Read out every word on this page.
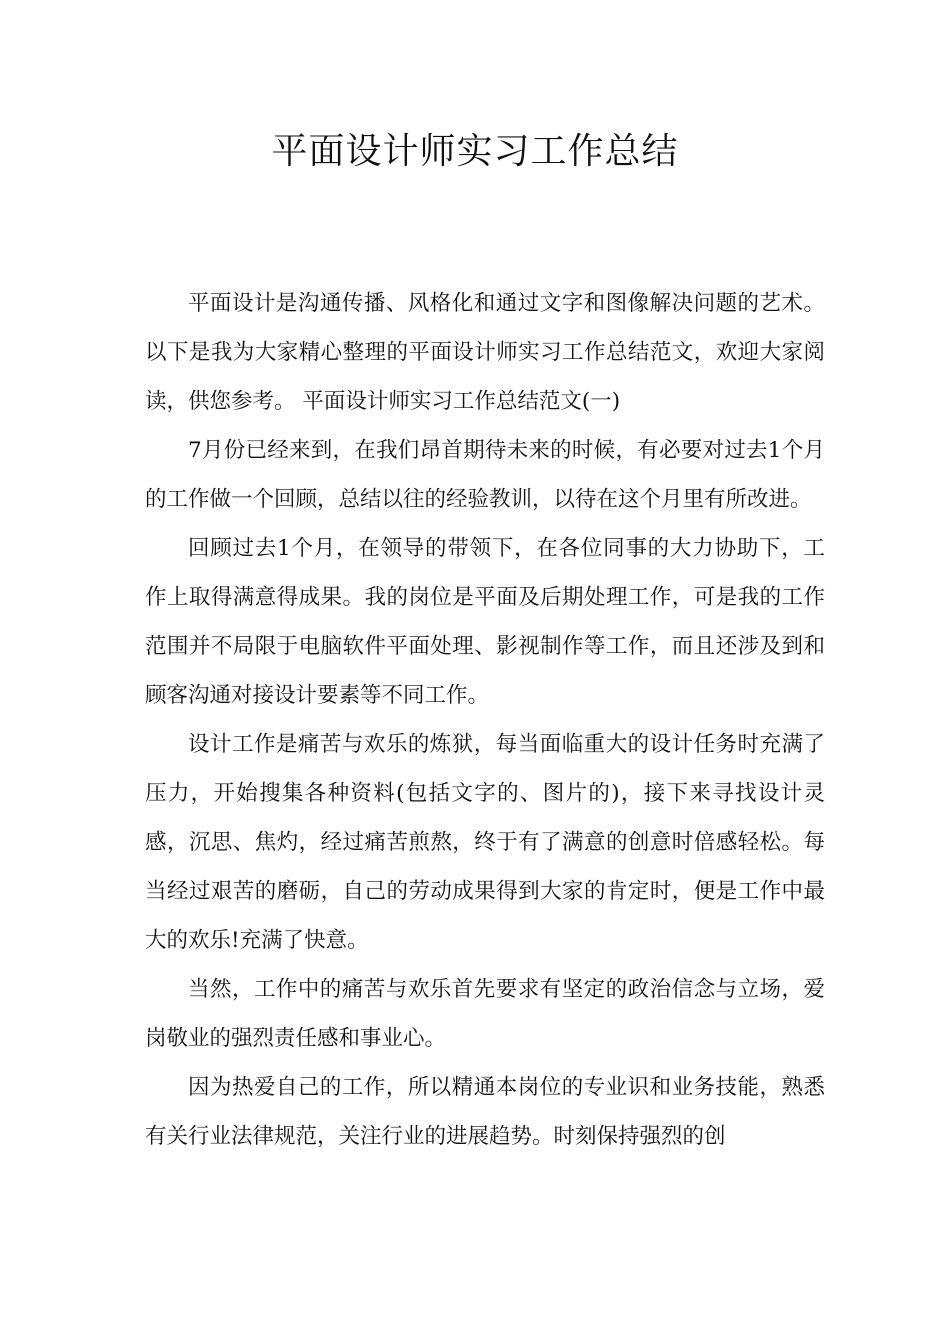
平面设计师实习工作总结

平面设计是沟通传播、风格化和通过文字和图像解决问题的艺术。以下是我为大家精心整理的平面设计师实习工作总结范文，欢迎大家阅读，供您参考。 平面设计师实习工作总结范文(一)

7月份已经来到，在我们昂首期待未来的时候，有必要对过去1个月的工作做一个回顾，总结以往的经验教训，以待在这个月里有所改进。

回顾过去1个月，在领导的带领下，在各位同事的大力协助下，工作上取得满意得成果。我的岗位是平面及后期处理工作，可是我的工作范围并不局限于电脑软件平面处理、影视制作等工作，而且还涉及到和顾客沟通对接设计要素等不同工作。

设计工作是痛苦与欢乐的炼狱，每当面临重大的设计任务时充满了压力，开始搜集各种资料(包括文字的、图片的)，接下来寻找设计灵感，沉思、焦灼，经过痛苦煎熬，终于有了满意的创意时倍感轻松。每当经过艰苦的磨砺，自己的劳动成果得到大家的肯定时，便是工作中最大的欢乐!充满了快意。

当然，工作中的痛苦与欢乐首先要求有坚定的政治信念与立场，爱岗敬业的强烈责任感和事业心。

因为热爱自己的工作，所以精通本岗位的专业识和业务技能，熟悉有关行业法律规范，关注行业的进展趋势。时刻保持强烈的创
